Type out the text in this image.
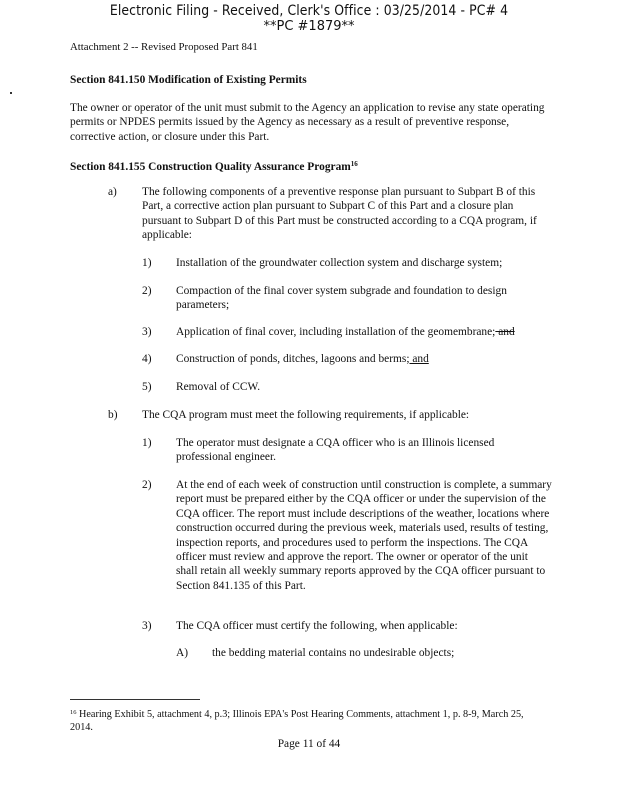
Electronic Filing - Received, Clerk's Office : 03/25/2014 - PC# 4
**PC #1879**
Attachment 2 -- Revised Proposed Part 841
Section 841.150 Modification of Existing Permits
The owner or operator of the unit must submit to the Agency an application to revise any state operating permits or NPDES permits issued by the Agency as necessary as a result of preventive response, corrective action, or closure under this Part.
Section 841.155 Construction Quality Assurance Program$^{16}$
a) The following components of a preventive response plan pursuant to Subpart B of this Part, a corrective action plan pursuant to Subpart C of this Part and a closure plan pursuant to Subpart D of this Part must be constructed according to a CQA program, if applicable:
1) Installation of the groundwater collection system and discharge system;
2) Compaction of the final cover system subgrade and foundation to design parameters;
3) Application of final cover, including installation of the geomembrane; and
4) Construction of ponds, ditches, lagoons and berms; and
5) Removal of CCW.
b) The CQA program must meet the following requirements, if applicable:
1) The operator must designate a CQA officer who is an Illinois licensed professional engineer.
2) At the end of each week of construction until construction is complete, a summary report must be prepared either by the CQA officer or under the supervision of the CQA officer. The report must include descriptions of the weather, locations where construction occurred during the previous week, materials used, results of testing, inspection reports, and procedures used to perform the inspections. The CQA officer must review and approve the report. The owner or operator of the unit shall retain all weekly summary reports approved by the CQA officer pursuant to Section 841.135 of this Part.
3) The CQA officer must certify the following, when applicable:
A) the bedding material contains no undesirable objects;
$^{16}$ Hearing Exhibit 5, attachment 4, p.3; Illinois EPA's Post Hearing Comments, attachment 1, p. 8-9, March 25, 2014.
Page 11 of 44
